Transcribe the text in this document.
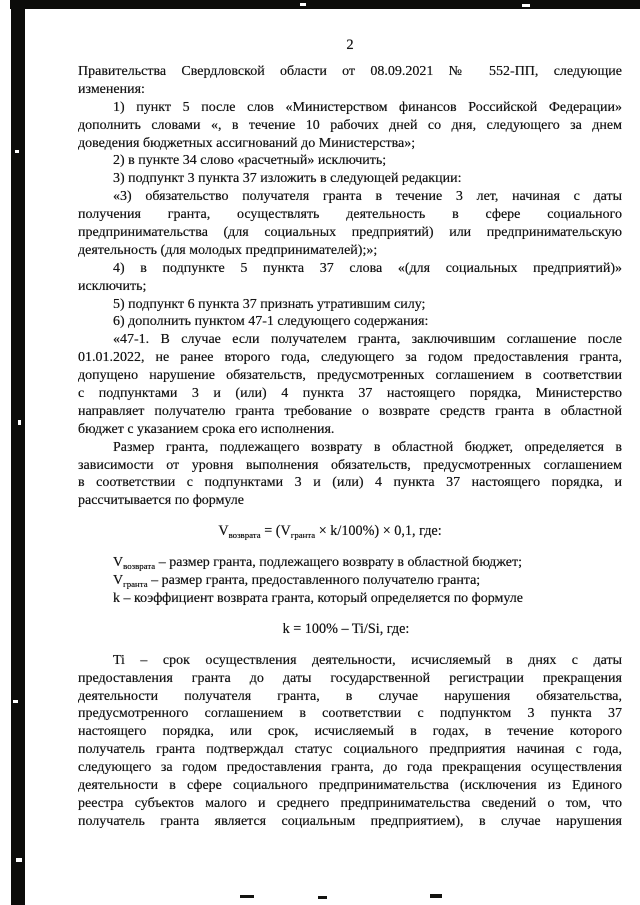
2
Правительства Свердловской области от 08.09.2021 № 552-ПП, следующие
изменения:
1) пункт 5 после слов «Министерством финансов Российской Федерации»
дополнить словами «, в течение 10 рабочих дней со дня, следующего за днем
доведения бюджетных ассигнований до Министерства»;
2) в пункте 34 слово «расчетный» исключить;
3) подпункт 3 пункта 37 изложить в следующей редакции:
«3) обязательство получателя гранта в течение 3 лет, начиная с даты
получения гранта, осуществлять деятельность в сфере социального
предпринимательства (для социальных предприятий) или предпринимательскую
деятельность (для молодых предпринимателей);»;
4) в подпункте 5 пункта 37 слова «(для социальных предприятий)»
исключить;
5) подпункт 6 пункта 37 признать утратившим силу;
6) дополнить пунктом 47-1 следующего содержания:
«47-1. В случае если получателем гранта, заключившим соглашение после
01.01.2022, не ранее второго года, следующего за годом предоставления гранта,
допущено нарушение обязательств, предусмотренных соглашением в соответствии
с подпунктами 3 и (или) 4 пункта 37 настоящего порядка, Министерство
направляет получателю гранта требование о возврате средств гранта в областной
бюджет с указанием срока его исполнения.
Размер гранта, подлежащего возврату в областной бюджет, определяется в
зависимости от уровня выполнения обязательств, предусмотренных соглашением
в соответствии с подпунктами 3 и (или) 4 пункта 37 настоящего порядка, и
рассчитывается по формуле
$V_{возврата} = (V_{гранта} \times k/100\%) \times 0,1$, где:
$V_{возврата}$ – размер гранта, подлежащего возврату в областной бюджет;
$V_{гранта}$ – размер гранта, предоставленного получателю гранта;
k – коэффициент возврата гранта, который определяется по формуле
k = 100% – Ti/Si, где:
Ti – срок осуществления деятельности, исчисляемый в днях с даты
предоставления гранта до даты государственной регистрации прекращения
деятельности получателя гранта, в случае нарушения обязательства,
предусмотренного соглашением в соответствии с подпунктом 3 пункта 37
настоящего порядка, или срок, исчисляемый в годах, в течение которого
получатель гранта подтверждал статус социального предприятия начиная с года,
следующего за годом предоставления гранта, до года прекращения осуществления
деятельности в сфере социального предпринимательства (исключения из Единого
реестра субъектов малого и среднего предпринимательства сведений о том, что
получатель гранта является социальным предприятием), в случае нарушения
